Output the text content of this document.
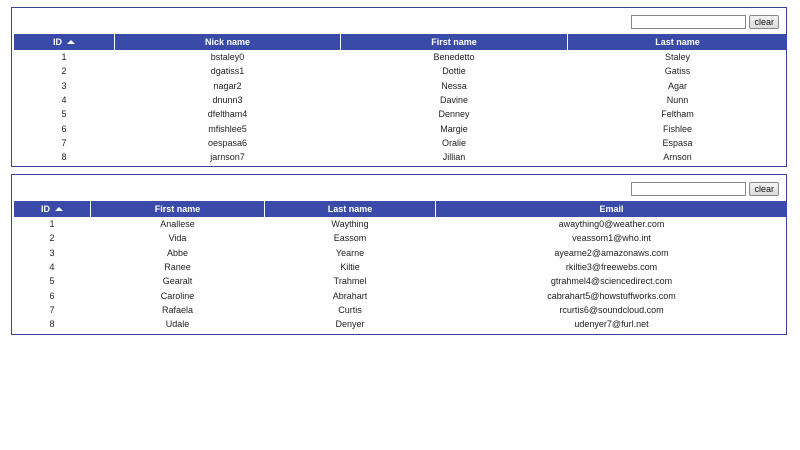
clear
ID	Nick name	First name	Last name
1	bstaley0	Benedetto	Staley
2	dgatiss1	Dottie	Gatiss
3	nagar2	Nessa	Agar
4	dnunn3	Davine	Nunn
5	dfeltham4	Denney	Feltham
6	mfishlee5	Margie	Fishlee
7	oespasa6	Oralie	Espasa
8	jarnson7	Jillian	Arnson
clear
ID	First name	Last name	Email
1	Anallese	Waything	awaything0@weather.com
2	Vida	Eassom	veassom1@who.int
3	Abbe	Yearne	ayearne2@amazonaws.com
4	Ranee	Kiltie	rkiltie3@freewebs.com
5	Gearalt	Trahmel	gtrahmel4@sciencedirect.com
6	Caroline	Abrahart	cabrahart5@howstuffworks.com
7	Rafaela	Curtis	rcurtis6@soundcloud.com
8	Udale	Denyer	udenyer7@furl.net
